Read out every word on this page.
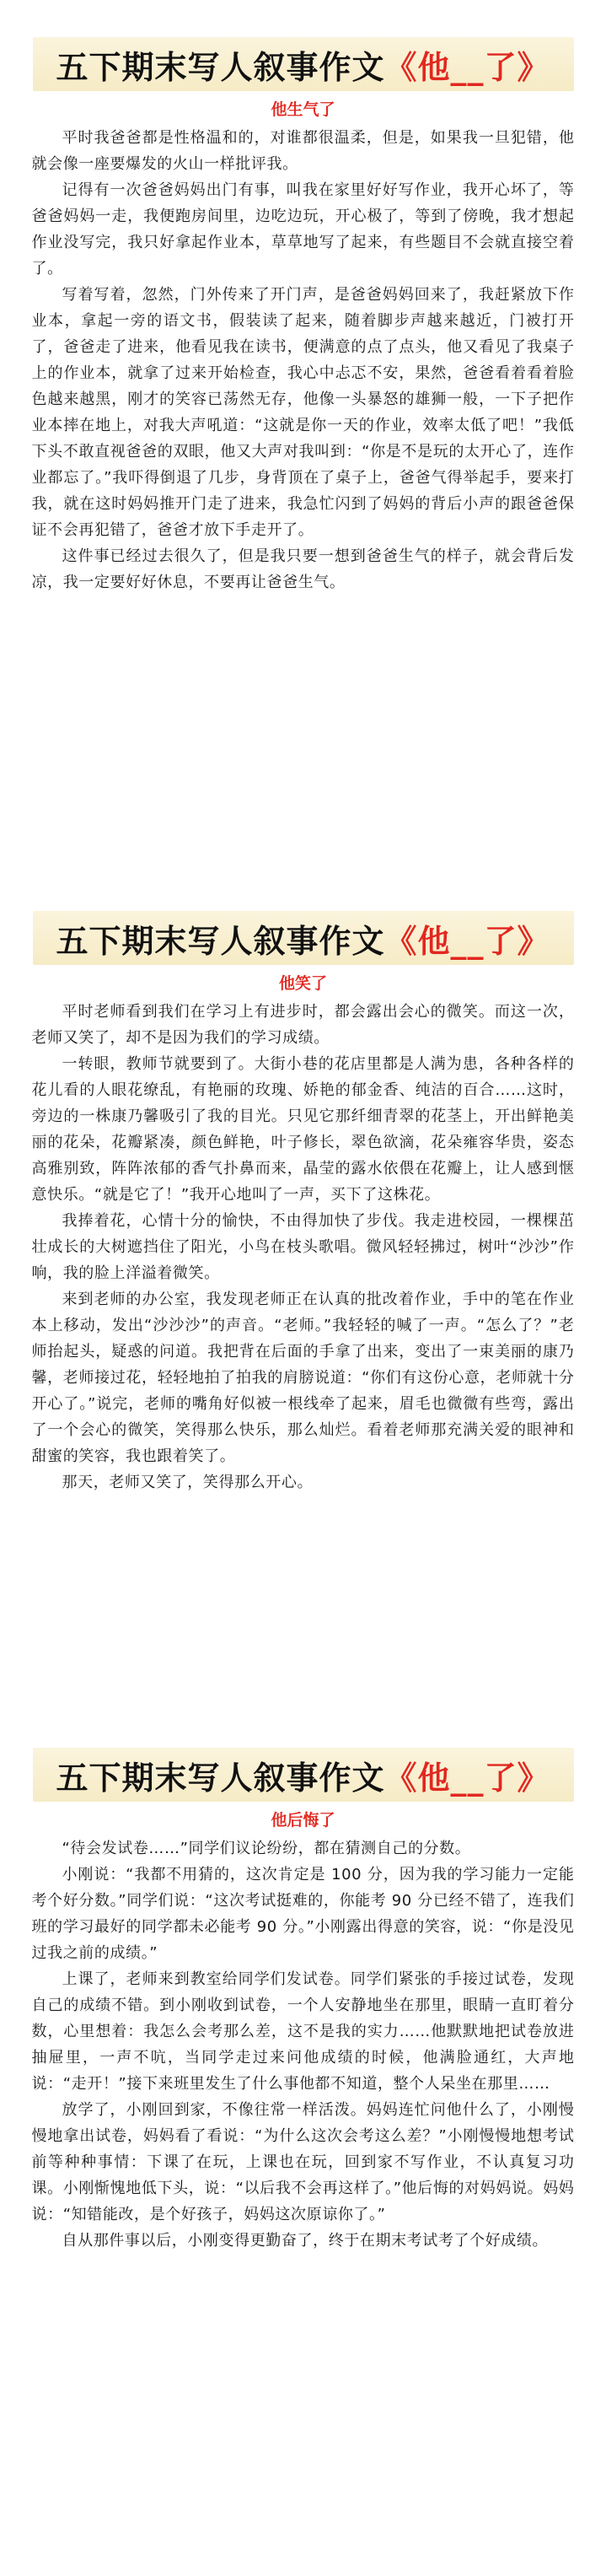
五下期末写人叙事作文《他__了》
他生气了

平时我爸爸都是性格温和的，对谁都很温柔，但是，如果我一旦犯错，他就会像一座要爆发的火山一样批评我。

记得有一次爸爸妈妈出门有事，叫我在家里好好写作业，我开心坏了，等爸爸妈妈一走，我便跑房间里，边吃边玩，开心极了，等到了傍晚，我才想起作业没写完，我只好拿起作业本，草草地写了起来，有些题目不会就直接空着了。

写着写着，忽然，门外传来了开门声，是爸爸妈妈回来了，我赶紧放下作业本，拿起一旁的语文书，假装读了起来，随着脚步声越来越近，门被打开了，爸爸走了进来，他看见我在读书，便满意的点了点头，他又看见了我桌子上的作业本，就拿了过来开始检查，我心中忐忑不安，果然，爸爸看着看着脸色越来越黑，刚才的笑容已荡然无存，他像一头暴怒的雄狮一般，一下子把作业本摔在地上，对我大声吼道：“这就是你一天的作业，效率太低了吧！”我低下头不敢直视爸爸的双眼，他又大声对我叫到：“你是不是玩的太开心了，连作业都忘了。”我吓得倒退了几步，身背顶在了桌子上，爸爸气得举起手，要来打我，就在这时妈妈推开门走了进来，我急忙闪到了妈妈的背后小声的跟爸爸保证不会再犯错了，爸爸才放下手走开了。

这件事已经过去很久了，但是我只要一想到爸爸生气的样子，就会背后发凉，我一定要好好休息，不要再让爸爸生气。

五下期末写人叙事作文《他__了》
他笑了

平时老师看到我们在学习上有进步时，都会露出会心的微笑。而这一次，老师又笑了，却不是因为我们的学习成绩。

一转眼，教师节就要到了。大街小巷的花店里都是人满为患，各种各样的花儿看的人眼花缭乱，有艳丽的玫瑰、娇艳的郁金香、纯洁的百合……这时，旁边的一株康乃馨吸引了我的目光。只见它那纤细青翠的花茎上，开出鲜艳美丽的花朵，花瓣紧凑，颜色鲜艳，叶子修长，翠色欲滴，花朵雍容华贵，姿态高雅别致，阵阵浓郁的香气扑鼻而来，晶莹的露水依偎在花瓣上，让人感到惬意快乐。“就是它了！”我开心地叫了一声，买下了这株花。

我捧着花，心情十分的愉快，不由得加快了步伐。我走进校园，一棵棵茁壮成长的大树遮挡住了阳光，小鸟在枝头歌唱。微风轻轻拂过，树叶“沙沙”作响，我的脸上洋溢着微笑。

来到老师的办公室，我发现老师正在认真的批改着作业，手中的笔在作业本上移动，发出“沙沙沙”的声音。“老师。”我轻轻的喊了一声。“怎么了？”老师抬起头，疑惑的问道。我把背在后面的手拿了出来，变出了一束美丽的康乃馨，老师接过花，轻轻地拍了拍我的肩膀说道：“你们有这份心意，老师就十分开心了。”说完，老师的嘴角好似被一根线牵了起来，眉毛也微微有些弯，露出了一个会心的微笑，笑得那么快乐，那么灿烂。看着老师那充满关爱的眼神和甜蜜的笑容，我也跟着笑了。

那天，老师又笑了，笑得那么开心。

五下期末写人叙事作文《他__了》
他后悔了

“待会发试卷……”同学们议论纷纷，都在猜测自己的分数。

小刚说：“我都不用猜的，这次肯定是 100 分，因为我的学习能力一定能考个好分数。”同学们说：“这次考试挺难的，你能考 90 分已经不错了，连我们班的学习最好的同学都未必能考 90 分。”小刚露出得意的笑容，说：“你是没见过我之前的成绩。”

上课了，老师来到教室给同学们发试卷。同学们紧张的手接过试卷，发现自己的成绩不错。到小刚收到试卷，一个人安静地坐在那里，眼睛一直盯着分数，心里想着：我怎么会考那么差，这不是我的实力……他默默地把试卷放进抽屉里，一声不吭，当同学走过来问他成绩的时候，他满脸通红，大声地说：“走开！”接下来班里发生了什么事他都不知道，整个人呆坐在那里……

放学了，小刚回到家，不像往常一样活泼。妈妈连忙问他什么了，小刚慢慢地拿出试卷，妈妈看了看说：“为什么这次会考这么差？”小刚慢慢地想考试前等种种事情：下课了在玩，上课也在玩，回到家不写作业，不认真复习功课。小刚惭愧地低下头，说：“以后我不会再这样了。”他后悔的对妈妈说。妈妈说：“知错能改，是个好孩子，妈妈这次原谅你了。”

自从那件事以后，小刚变得更勤奋了，终于在期末考试考了个好成绩。
